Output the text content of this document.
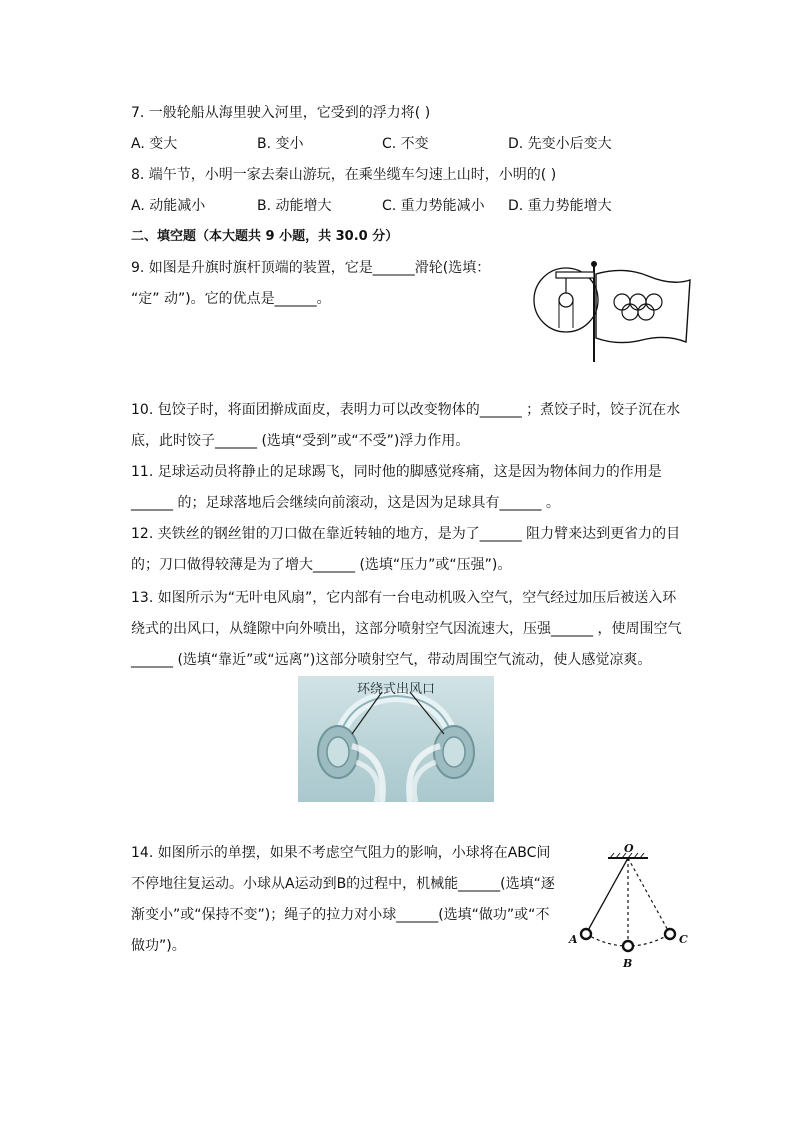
7. 一般轮船从海里驶入河里，它受到的浮力将( )
A. 变大	B. 变小	C. 不变	D. 先变小后变大
8. 端午节，小明一家去秦山游玩，在乘坐缆车匀速上山时，小明的( )
A. 动能减小	B. 动能增大	C. 重力势能减小 D. 重力势能增大
二、填空题（本大题共 9 小题，共 30.0 分）
9. 如图是升旗时旗杆顶端的装置，它是______滑轮(选填：
“定” 动”)。它的优点是______。
10. 包饺子时，将面团擀成面皮，表明力可以改变物体的______ ；煮饺子时，饺子沉在水
底，此时饺子______ (选填“受到”或“不受”)浮力作用。
11. 足球运动员将静止的足球踢飞，同时他的脚感觉疼痛，这是因为物体间力的作用是
______ 的；足球落地后会继续向前滚动，这是因为足球具有______ 。
12. 夹铁丝的钢丝钳的刀口做在靠近转轴的地方，是为了______ 阻力臂来达到更省力的目
的；刀口做得较薄是为了增大______ (选填“压力”或“压强”)。
13. 如图所示为“无叶电风扇”，它内部有一台电动机吸入空气，空气经过加压后被送入环
绕式的出风口，从缝隙中向外喷出，这部分喷射空气因流速大，压强______ ，使周围空气
______ (选填“靠近”或“远离”)这部分喷射空气，带动周围空气流动，使人感觉凉爽。
环绕式出风口
14. 如图所示的单摆，如果不考虑空气阻力的影响，小球将在ABC间
不停地往复运动。小球从A运动到B的过程中，机械能______(选填“逐
渐变小”或“保持不变”)；绳子的拉力对小球______(选填“做功”或“不
做功”)。
O
A
B
C
